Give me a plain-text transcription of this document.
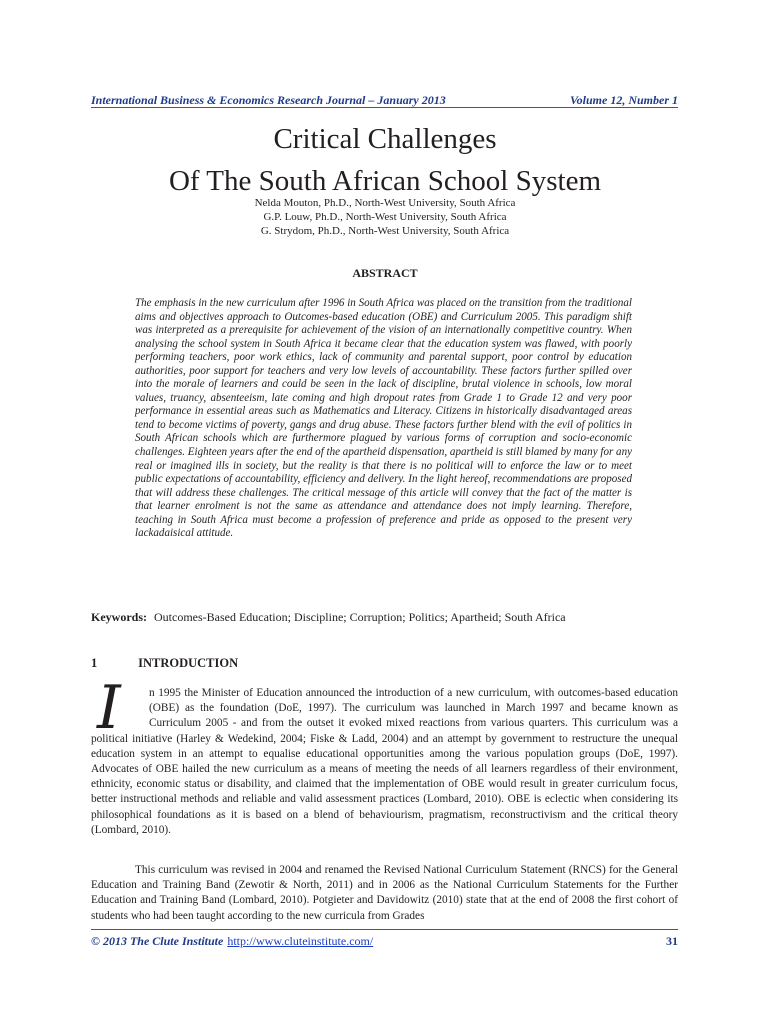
International Business & Economics Research Journal – January 2013	Volume 12, Number 1
Critical Challenges
Of The South African School System
Nelda Mouton, Ph.D., North-West University, South Africa
G.P. Louw, Ph.D., North-West University, South Africa
G. Strydom, Ph.D., North-West University, South Africa
ABSTRACT

The emphasis in the new curriculum after 1996 in South Africa was placed on the transition from the traditional aims and objectives approach to Outcomes-based education (OBE) and Curriculum 2005. This paradigm shift was interpreted as a prerequisite for achievement of the vision of an internationally competitive country. When analysing the school system in South Africa it became clear that the education system was flawed, with poorly performing teachers, poor work ethics, lack of community and parental support, poor control by education authorities, poor support for teachers and very low levels of accountability. These factors further spilled over into the morale of learners and could be seen in the lack of discipline, brutal violence in schools, low moral values, truancy, absenteeism, late coming and high dropout rates from Grade 1 to Grade 12 and very poor performance in essential areas such as Mathematics and Literacy. Citizens in historically disadvantaged areas tend to become victims of poverty, gangs and drug abuse. These factors further blend with the evil of politics in South African schools which are furthermore plagued by various forms of corruption and socio-economic challenges. Eighteen years after the end of the apartheid dispensation, apartheid is still blamed by many for any real or imagined ills in society, but the reality is that there is no political will to enforce the law or to meet public expectations of accountability, efficiency and delivery. In the light hereof, recommendations are proposed that will address these challenges. The critical message of this article will convey that the fact of the matter is that learner enrolment is not the same as attendance and attendance does not imply learning. Therefore, teaching in South Africa must become a profession of preference and pride as opposed to the present very lackadaisical attitude.

Keywords: Outcomes-Based Education; Discipline; Corruption; Politics; Apartheid; South Africa
1	INTRODUCTION
I	n 1995 the Minister of Education announced the introduction of a new curriculum, with outcomes-based education (OBE) as the foundation (DoE, 1997). The curriculum was launched in March 1997 and became known as Curriculum 2005 - and from the outset it evoked mixed reactions from various quarters. This curriculum was a political initiative (Harley & Wedekind, 2004; Fiske & Ladd, 2004) and an attempt by government to restructure the unequal education system in an attempt to equalise educational opportunities among the various population groups (DoE, 1997). Advocates of OBE hailed the new curriculum as a means of meeting the needs of all learners regardless of their environment, ethnicity, economic status or disability, and claimed that the implementation of OBE would result in greater curriculum focus, better instructional methods and reliable and valid assessment practices (Lombard, 2010). OBE is eclectic when considering its philosophical foundations as it is based on a blend of behaviourism, pragmatism, reconstructivism and the critical theory (Lombard, 2010).

This curriculum was revised in 2004 and renamed the Revised National Curriculum Statement (RNCS) for the General Education and Training Band (Zewotir & North, 2011) and in 2006 as the National Curriculum Statements for the Further Education and Training Band (Lombard, 2010). Potgieter and Davidowitz (2010) state that at the end of 2008 the first cohort of students who had been taught according to the new curricula from Grades

© 2013 The Clute Institute http://www.cluteinstitute.com/	31
